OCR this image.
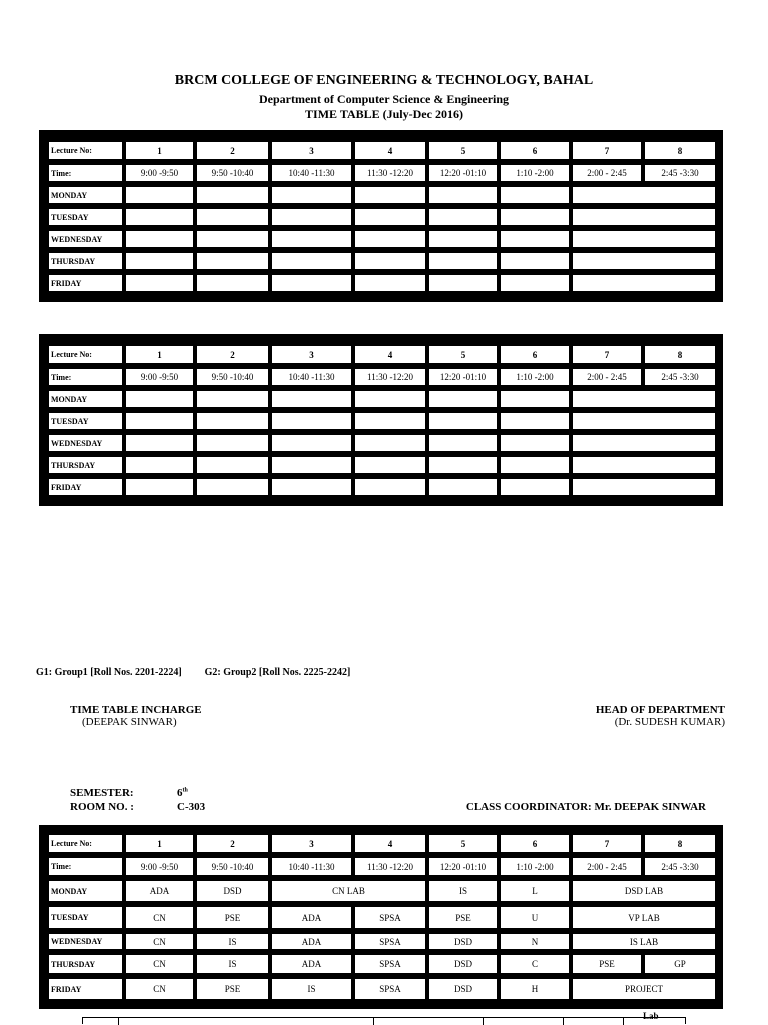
BRCM COLLEGE OF ENGINEERING & TECHNOLOGY, BAHAL
Department of Computer Science & Engineering
TIME TABLE (July-Dec 2016)
Lecture No:	1	2	3	4	5	6	7	8
Time:	9:00 -9:50	9:50 -10:40	10:40 -11:30	11:30 -12:20	12:20 -01:10	1:10 -2:00	2:00 - 2:45	2:45 -3:30
MONDAY
TUESDAY
WEDNESDAY
THURSDAY
FRIDAY
Lecture No:	1	2	3	4	5	6	7	8
Time:	9:00 -9:50	9:50 -10:40	10:40 -11:30	11:30 -12:20	12:20 -01:10	1:10 -2:00	2:00 - 2:45	2:45 -3:30
MONDAY
TUESDAY
WEDNESDAY
THURSDAY
FRIDAY
G1: Group1 [Roll Nos. 2201-2224] G2: Group2 [Roll Nos. 2225-2242]
TIME TABLE INCHARGE
(DEEPAK SINWAR)
HEAD OF DEPARTMENT
(Dr. SUDESH KUMAR)
SEMESTER:	6th
ROOM NO. :	C-303	CLASS COORDINATOR: Mr. DEEPAK SINWAR
Lecture No:	1	2	3	4	5	6	7	8
Time:	9:00 -9:50	9:50 -10:40	10:40 -11:30	11:30 -12:20	12:20 -01:10	1:10 -2:00	2:00 - 2:45	2:45 -3:30
MONDAY	ADA	DSD	CN LAB	IS	L	DSD LAB
TUESDAY	CN	PSE	ADA	SPSA	PSE	U	VP LAB
WEDNESDAY	CN	IS	ADA	SPSA	DSD	N	IS LAB
THURSDAY	CN	IS	ADA	SPSA	DSD	C	PSE	GP
FRIDAY	CN	PSE	IS	SPSA	DSD	H	PROJECT
Lab
